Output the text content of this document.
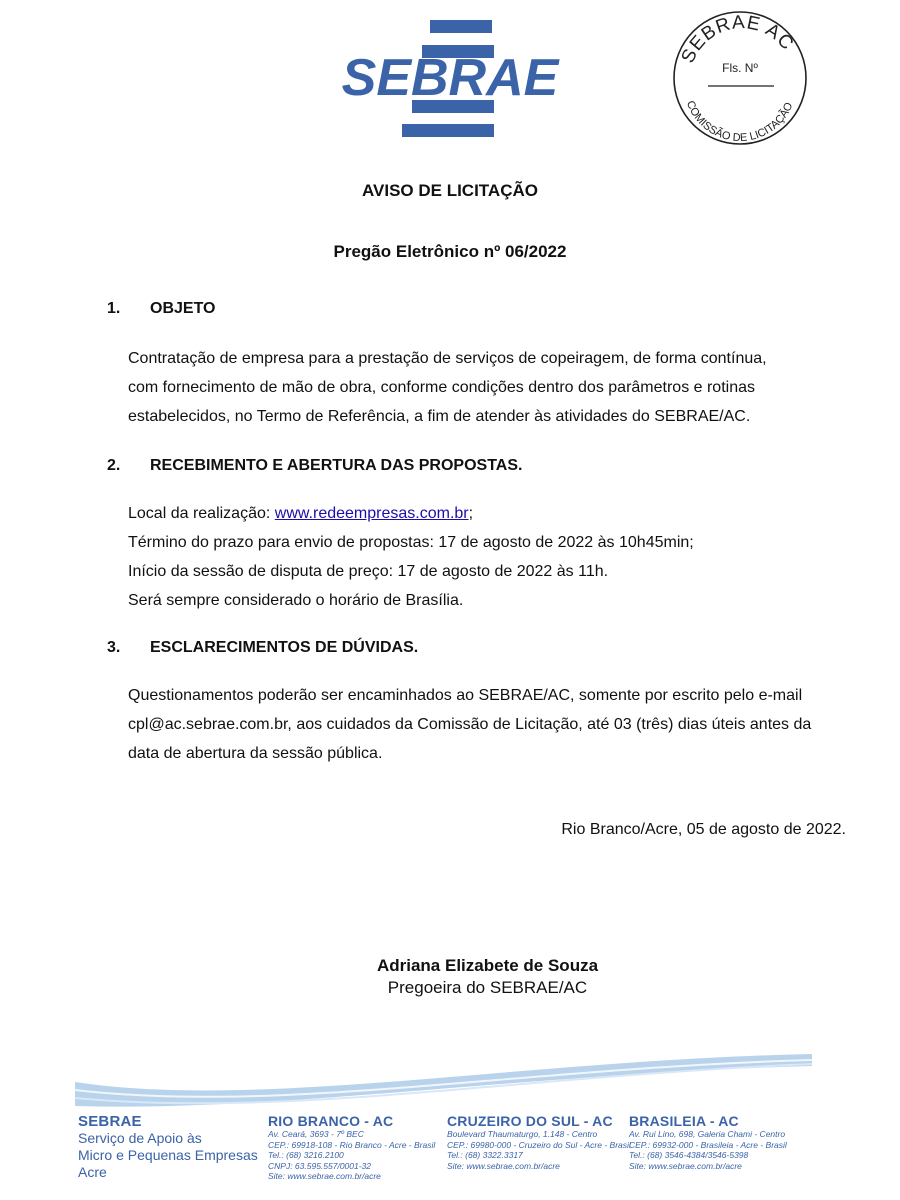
SEBRAE	SEBRAE AC
Fls. Nº
COMISSÃO DE LICITAÇÃO
AVISO DE LICITAÇÃO
Pregão Eletrônico nº 06/2022
1. OBJETO
Contratação de empresa para a prestação de serviços de copeiragem, de forma contínua,
com fornecimento de mão de obra, conforme condições dentro dos parâmetros e rotinas
estabelecidos, no Termo de Referência, a fim de atender às atividades do SEBRAE/AC.
2. RECEBIMENTO E ABERTURA DAS PROPOSTAS.
Local da realização: www.redeempresas.com.br;
Término do prazo para envio de propostas: 17 de agosto de 2022 às 10h45min;
Início da sessão de disputa de preço: 17 de agosto de 2022 às 11h.
Será sempre considerado o horário de Brasília.
3. ESCLARECIMENTOS DE DÚVIDAS.
Questionamentos poderão ser encaminhados ao SEBRAE/AC, somente por escrito pelo e-mail
cpl@ac.sebrae.com.br, aos cuidados da Comissão de Licitação, até 03 (três) dias úteis antes da
data de abertura da sessão pública.
Rio Branco/Acre, 05 de agosto de 2022.
Adriana Elizabete de Souza
Pregoeira do SEBRAE/AC
SEBRAE
Serviço de Apoio às
Micro e Pequenas Empresas
Acre
RIO BRANCO - AC
Av. Ceará, 3693 - 7º BEC
CEP.: 69918-108 - Rio Branco - Acre - Brasil
Tel.: (68) 3216.2100
CNPJ: 63.595.557/0001-32
Site: www.sebrae.com.br/acre
CRUZEIRO DO SUL - AC
Boulevard Thaumaturgo, 1.148 - Centro
CEP.: 69980-000 - Cruzeiro do Sul - Acre - Brasil
Tel.: (68) 3322.3317
Site: www.sebrae.com.br/acre
BRASILEIA - AC
Av. Rui Lino, 698, Galeria Chami - Centro
CEP.: 69932-000 - Brasileia - Acre - Brasil
Tel.: (68) 3546-4384/3546-5398
Site: www.sebrae.com.br/acre
